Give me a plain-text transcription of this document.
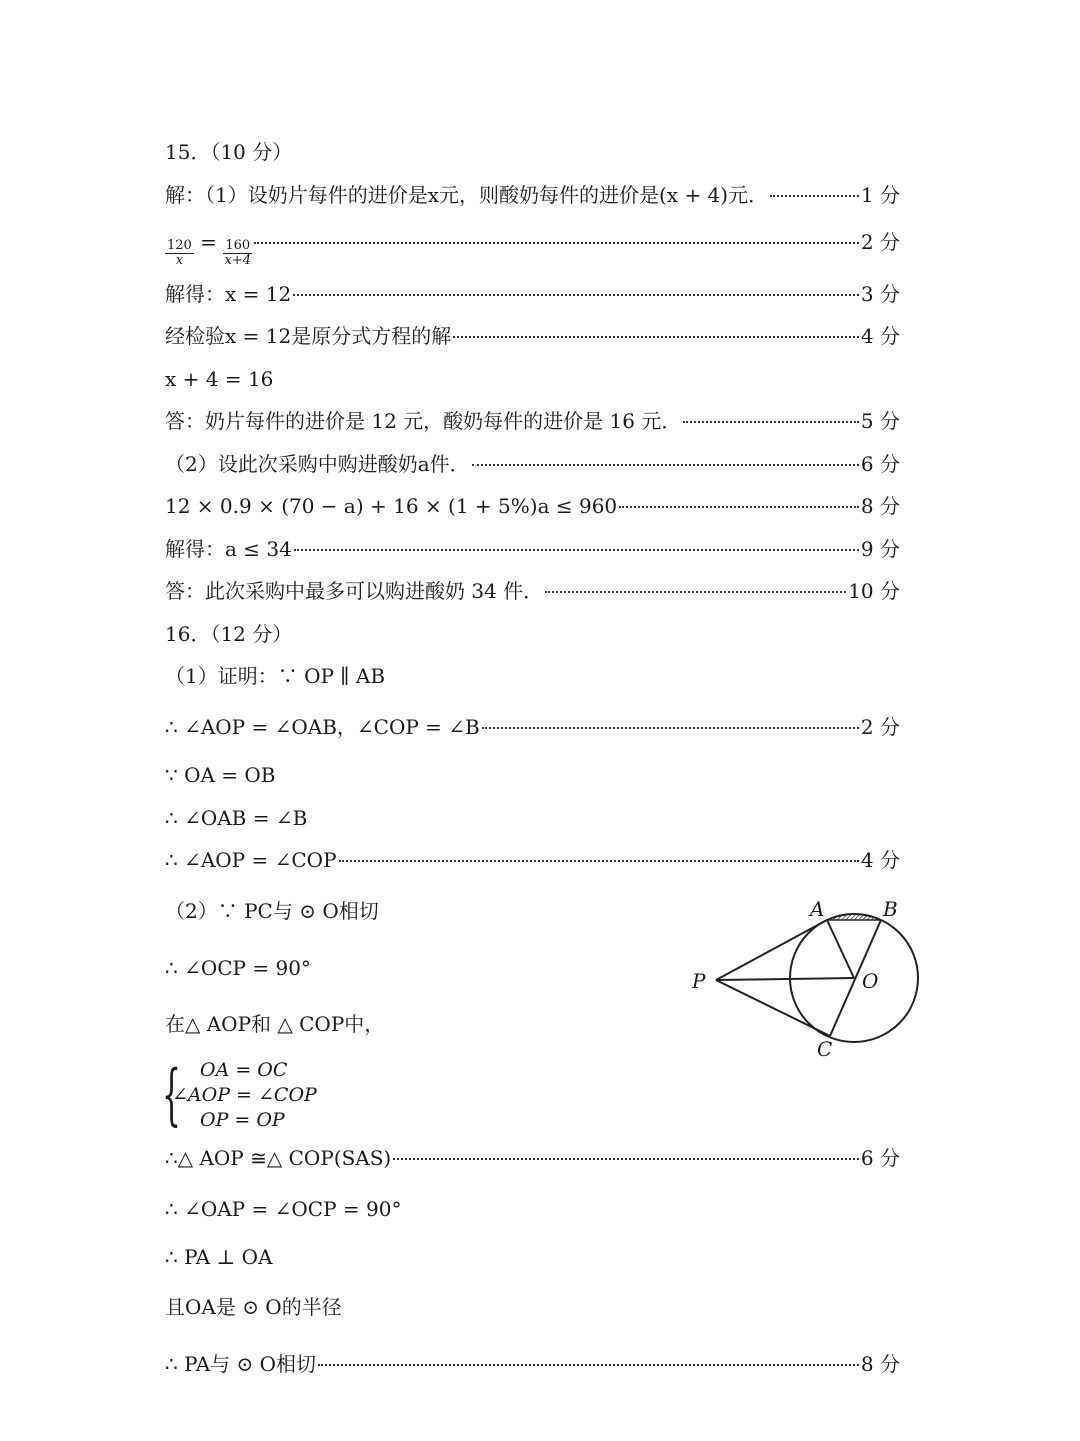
15．（10 分）
解：（1）设奶片每件的进价是x元，则酸奶每件的进价是(x + 4)元．	1 分
$\frac{120}{x} = \frac{160}{x+4}$	2 分
解得：x = 12	3 分
经检验x = 12是原分式方程的解	4 分
x + 4 = 16
答：奶片每件的进价是 12 元，酸奶每件的进价是 16 元．	5 分
（2）设此次采购中购进酸奶a件．	6 分
12 × 0.9 × (70 − a) + 16 × (1 + 5%)a ≤ 960	8 分
解得：a ≤ 34	9 分
答：此次采购中最多可以购进酸奶 34 件．	10 分
16．（12 分）
（1）证明：∵ OP ∥ AB
∴ ∠AOP = ∠OAB，∠COP = ∠B	2 分
∵ OA = OB
∴ ∠OAB = ∠B
∴ ∠AOP = ∠COP	4 分
（2）∵ PC与 ⊙ O相切
∴ ∠OCP = 90°
在△ AOP和 △ COP中，
{ OA = OC
∠AOP = ∠COP
OP = OP
∴△ AOP ≅△ COP(SAS)	6 分
∴ ∠OAP = ∠OCP = 90°
∴ PA ⊥ OA
且OA是 ⊙ O的半径
∴ PA与 ⊙ O相切	8 分
A	B
C
P	O
